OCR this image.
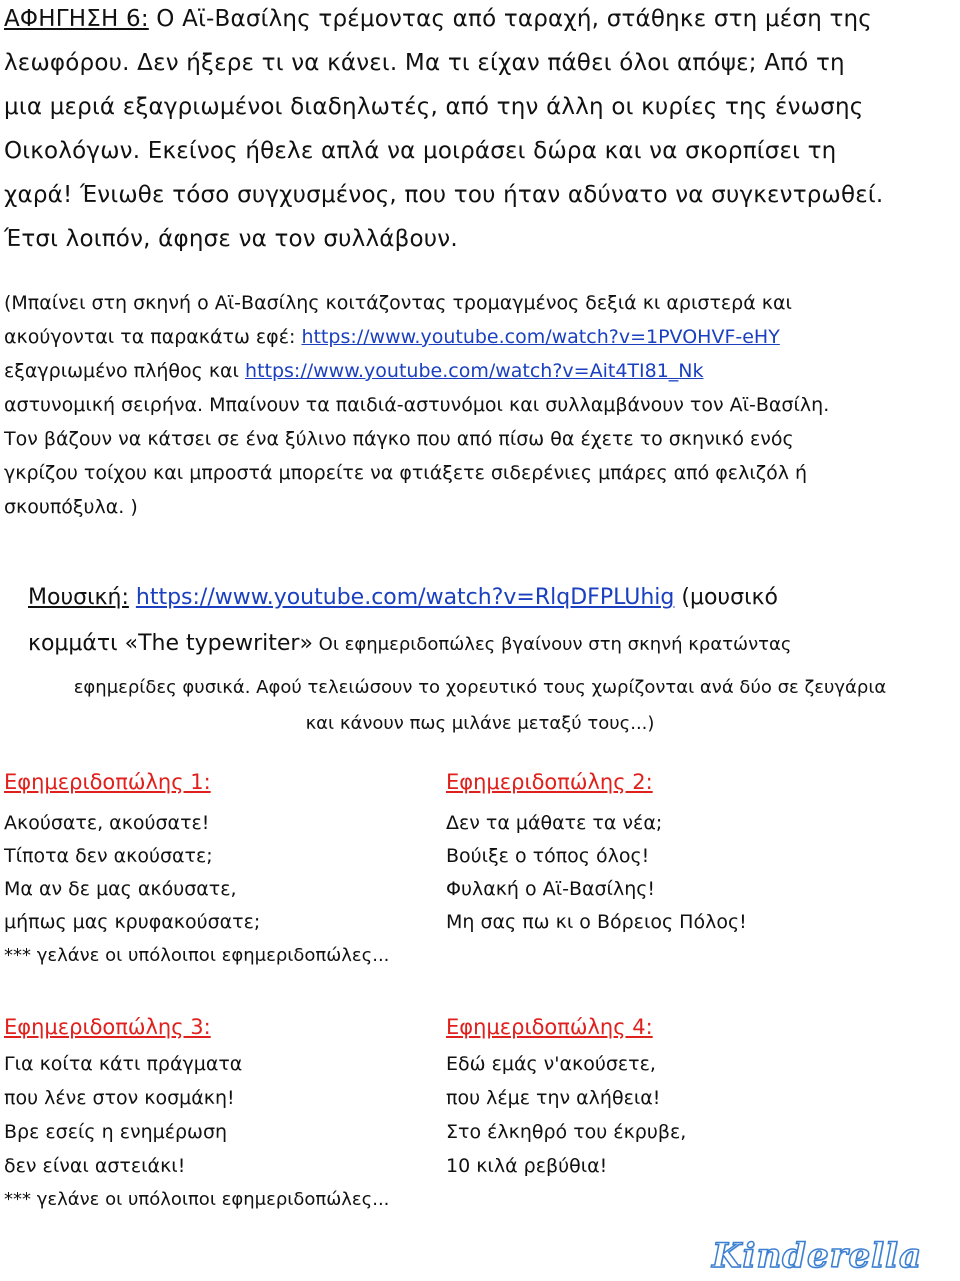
ΑΦΗΓΗΣΗ 6: Ο Αϊ-Βασίλης τρέμοντας από ταραχή, στάθηκε στη μέση της
λεωφόρου. Δεν ήξερε τι να κάνει. Μα τι είχαν πάθει όλοι απόψε; Από τη
μια μεριά εξαγριωμένοι διαδηλωτές, από την άλλη οι κυρίες της ένωσης
Οικολόγων. Εκείνος ήθελε απλά να μοιράσει δώρα και να σκορπίσει τη
χαρά! Ένιωθε τόσο συγχυσμένος, που του ήταν αδύνατο να συγκεντρωθεί.
Έτσι λοιπόν, άφησε να τον συλλάβουν.
(Μπαίνει στη σκηνή ο Αϊ-Βασίλης κοιτάζοντας τρομαγμένος δεξιά κι αριστερά και
ακούγονται τα παρακάτω εφέ: https://www.youtube.com/watch?v=1PVOHVF-eHY
εξαγριωμένο πλήθος και https://www.youtube.com/watch?v=Ait4TI81_Nk
αστυνομική σειρήνα. Μπαίνουν τα παιδιά-αστυνόμοι και συλλαμβάνουν τον Αϊ-Βασίλη.
Τον βάζουν να κάτσει σε ένα ξύλινο πάγκο που από πίσω θα έχετε το σκηνικό ενός
γκρίζου τοίχου και μπροστά μπορείτε να φτιάξετε σιδερένιες μπάρες από φελιζόλ ή
σκουπόξυλα. )
Μουσική: https://www.youtube.com/watch?v=RlqDFPLUhig (μουσικό
κομμάτι «The typewriter» Οι εφημεριδοπώλες βγαίνουν στη σκηνή κρατώντας
εφημερίδες φυσικά. Αφού τελειώσουν το χορευτικό τους χωρίζονται ανά δύο σε ζευγάρια
και κάνουν πως μιλάνε μεταξύ τους...)
Εφημεριδοπώλης 1:	Εφημεριδοπώλης 2:
Ακούσατε, ακούσατε!
Τίποτα δεν ακούσατε;
Μα αν δε μας ακόυσατε,
μήπως μας κρυφακούσατε;
Δεν τα μάθατε τα νέα;
Βούιξε ο τόπος όλος!
Φυλακή ο Αϊ-Βασίλης!
Μη σας πω κι ο Βόρειος Πόλος!
*** γελάνε οι υπόλοιποι εφημεριδοπώλες...
Εφημεριδοπώλης 3:	Εφημεριδοπώλης 4:
Για κοίτα κάτι πράγματα
που λένε στον κοσμάκη!
Βρε εσείς η ενημέρωση
δεν είναι αστειάκι!
Εδώ εμάς ν'ακούσετε,
που λέμε την αλήθεια!
Στο έλκηθρό του έκρυβε,
10 κιλά ρεβύθια!
*** γελάνε οι υπόλοιποι εφημεριδοπώλες...
Kinderella
